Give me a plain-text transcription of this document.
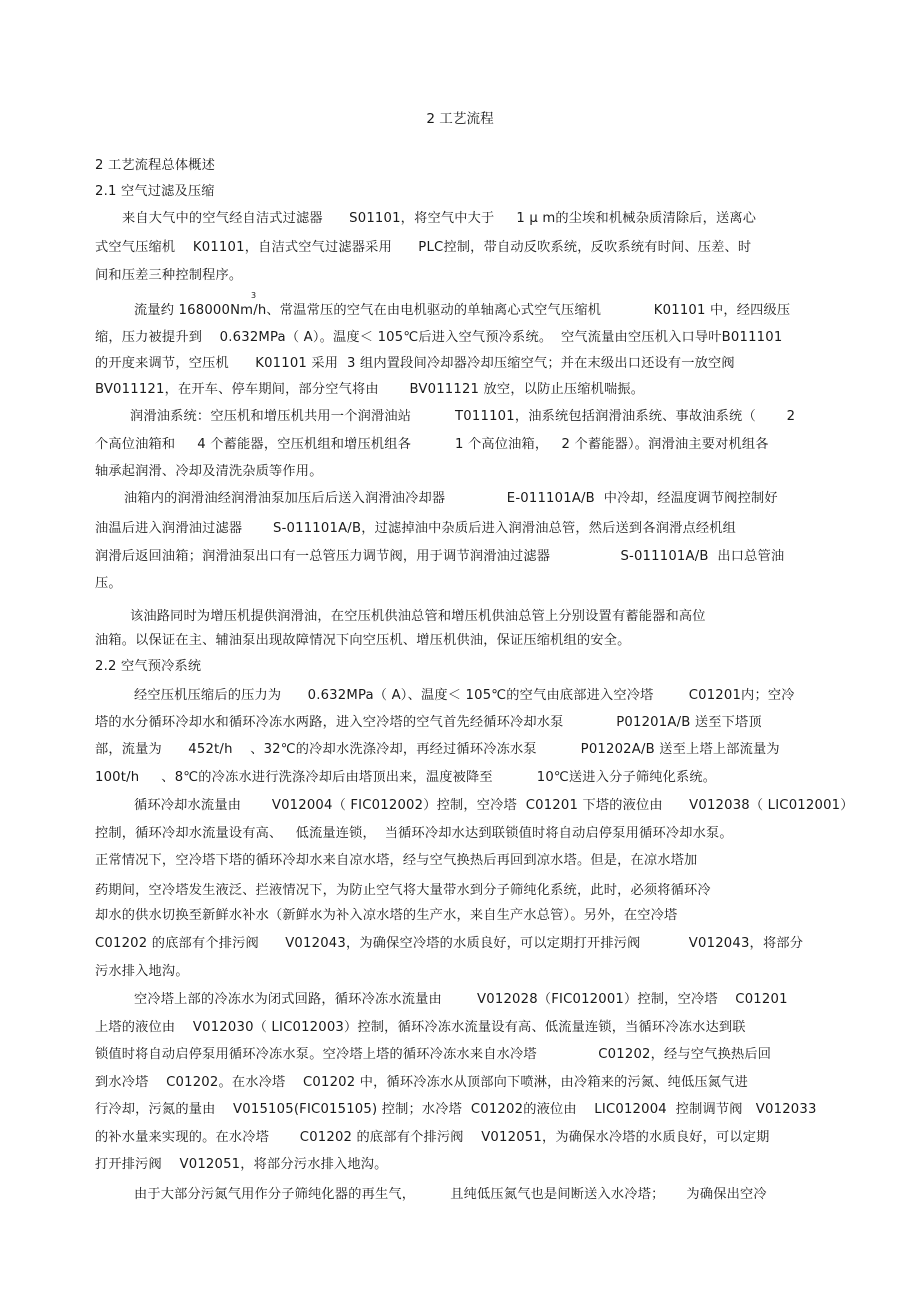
2 工艺流程
2 工艺流程总体概述
2.1 空气过滤及压缩
来自大气中的空气经自洁式过滤器      S01101，将空气中大于     1 μ m的尘埃和机械杂质清除后，送离心
式空气压缩机    K01101，自洁式空气过滤器采用      PLC控制，带自动反吹系统，反吹系统有时间、压差、时
间和压差三种控制程序。
3
流量约 168000Nm/h、常温常压的空气在由电机驱动的单轴离心式空气压缩机            K01101 中，经四级压
缩，压力被提升到    0.632MPa（ A）。温度＜ 105℃后进入空气预冷系统。  空气流量由空压机入口导叶B011101
的开度来调节，空压机      K01101 采用  3 组内置段间冷却器冷却压缩空气；并在末级出口还设有一放空阀
BV011121，在开车、停车期间，部分空气将由       BV011121 放空，以防止压缩机喘振。
润滑油系统：空压机和增压机共用一个润滑油站          T011101，油系统包括润滑油系统、事故油系统（       2
个高位油箱和     4 个蓄能器，空压机组和增压机组各          1 个高位油箱，   2 个蓄能器）。润滑油主要对机组各
轴承起润滑、冷却及清洗杂质等作用。
油箱内的润滑油经润滑油泵加压后后送入润滑油冷却器              E-011101A/B  中冷却，经温度调节阀控制好
油温后进入润滑油过滤器       S-011101A/B，过滤掉油中杂质后进入润滑油总管，然后送到各润滑点经机组
润滑后返回油箱；润滑油泵出口有一总管压力调节阀，用于调节润滑油过滤器                S-011101A/B  出口总管油
压。
该油路同时为增压机提供润滑油，在空压机供油总管和增压机供油总管上分别设置有蓄能器和高位
油箱。以保证在主、辅油泵出现故障情况下向空压机、增压机供油，保证压缩机组的安全。
2.2 空气预冷系统
经空压机压缩后的压力为      0.632MPa（ A）、温度＜ 105℃的空气由底部进入空冷塔        C01201内；空冷
塔的水分循环冷却水和循环冷冻水两路，进入空冷塔的空气首先经循环冷却水泵            P01201A/B 送至下塔顶
部，流量为      452t/h    、32℃的冷却水洗涤冷却，再经过循环冷冻水泵          P01202A/B 送至上塔上部流量为
100t/h     、8℃的冷冻水进行洗涤冷却后由塔顶出来，温度被降至          10℃送进入分子筛纯化系统。
循环冷却水流量由       V012004（ FIC012002）控制，空冷塔  C01201 下塔的液位由      V012038（ LIC012001）
控制，循环冷却水流量设有高、   低流量连锁，  当循环冷却水达到联锁值时将自动启停泵用循环冷却水泵。
正常情况下，空冷塔下塔的循环冷却水来自凉水塔，经与空气换热后再回到凉水塔。但是，在凉水塔加
药期间，空冷塔发生液泛、拦液情况下，为防止空气将大量带水到分子筛纯化系统，此时，必须将循环冷
却水的供水切换至新鲜水补水（新鲜水为补入凉水塔的生产水，来自生产水总管）。另外，在空冷塔
C01202 的底部有个排污阀      V012043，为确保空冷塔的水质良好，可以定期打开排污阀           V012043，将部分
污水排入地沟。
空冷塔上部的冷冻水为闭式回路，循环冷冻水流量由        V012028（FIC012001）控制，空冷塔    C01201
上塔的液位由    V012030（ LIC012003）控制，循环冷冻水流量设有高、低流量连锁，当循环冷冻水达到联
锁值时将自动启停泵用循环冷冻水泵。空冷塔上塔的循环冷冻水来自水冷塔              C01202，经与空气换热后回
到水冷塔    C01202。在水冷塔    C01202 中，循环冷冻水从顶部向下喷淋，由冷箱来的污氮、纯低压氮气进
行冷却，污氮的量由    V015105(FIC015105) 控制；水冷塔  C01202的液位由    LIC012004  控制调节阀   V012033
的补水量来实现的。在水冷塔       C01202 的底部有个排污阀    V012051，为确保水冷塔的水质良好，可以定期
打开排污阀    V012051，将部分污水排入地沟。
由于大部分污氮气用作分子筛纯化器的再生气，        且纯低压氮气也是间断送入水冷塔；     为确保出空冷
